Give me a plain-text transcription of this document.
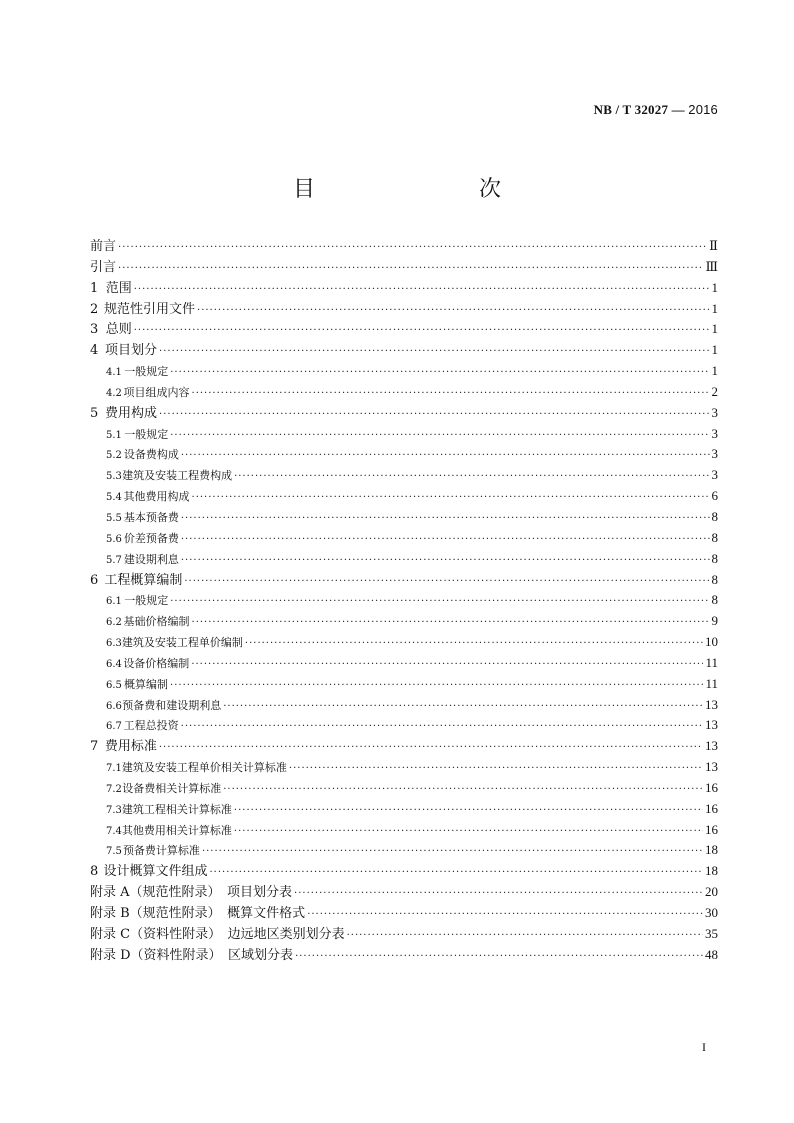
NB / T 32027 — 2016
目　　次
前言 ·····	Ⅱ
引言 ·····	Ⅲ
1 范围 ·····	1
2 规范性引用文件 ·····	1
3 总则 ·····	1
4 项目划分 ·····	1
4.1 一般规定 ·····	1
4.2 项目组成内容 ·····	2
5 费用构成 ·····	3
5.1 一般规定 ·····	3
5.2 设备费构成 ·····	3
5.3 建筑及安装工程费构成 ·····	3
5.4 其他费用构成 ·····	6
5.5 基本预备费 ·····	8
5.6 价差预备费 ·····	8
5.7 建设期利息 ·····	8
6 工程概算编制 ·····	8
6.1 一般规定 ·····	8
6.2 基础价格编制 ·····	9
6.3 建筑及安装工程单价编制 ·····	10
6.4 设备价格编制 ·····	11
6.5 概算编制 ·····	11
6.6 预备费和建设期利息 ·····	13
6.7 工程总投资 ·····	13
7 费用标准 ·····	13
7.1 建筑及安装工程单价相关计算标准 ·····	13
7.2 设备费相关计算标准 ·····	16
7.3 建筑工程相关计算标准 ·····	16
7.4 其他费用相关计算标准 ·····	16
7.5 预备费计算标准 ·····	18
8 设计概算文件组成 ·····	18
附录 A（规范性附录）　项目划分表 ·····	20
附录 B（规范性附录）　概算文件格式 ·····	30
附录 C（资料性附录）　边远地区类别划分表 ·····	35
附录 D（资料性附录）　区域划分表 ·····	48
I
